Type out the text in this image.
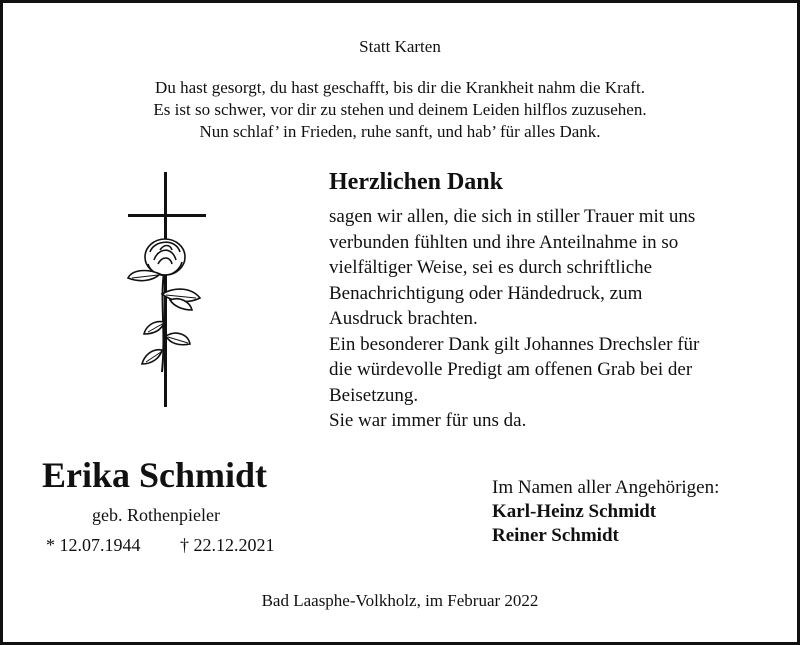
Statt Karten
Du hast gesorgt, du hast geschafft, bis dir die Krankheit nahm die Kraft.
Es ist so schwer, vor dir zu stehen und deinem Leiden hilflos zuzusehen.
Nun schlaf’ in Frieden, ruhe sanft, und hab’ für alles Dank.
Herzlichen Dank
sagen wir allen, die sich in stiller Trauer mit uns
verbunden fühlten und ihre Anteilnahme in so
vielfältiger Weise, sei es durch schriftliche
Benachrichtigung oder Händedruck, zum
Ausdruck brachten.
Ein besonderer Dank gilt Johannes Drechsler für
die würdevolle Predigt am offenen Grab bei der
Beisetzung.
Sie war immer für uns da.
Erika Schmidt
geb. Rothenpieler
* 12.07.1944 † 22.12.2021
Im Namen aller Angehörigen:
Karl-Heinz Schmidt
Reiner Schmidt
Bad Laasphe-Volkholz, im Februar 2022
